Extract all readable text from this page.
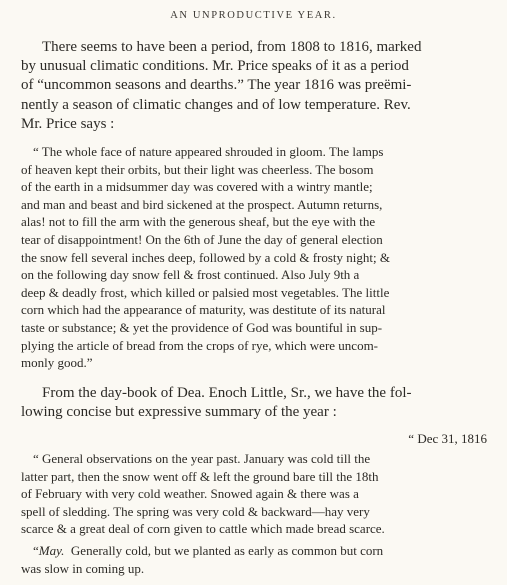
AN UNPRODUCTIVE YEAR.
There seems to have been a period, from 1808 to 1816, marked
by unusual climatic conditions. Mr. Price speaks of it as a period
of “uncommon seasons and dearths.” The year 1816 was preëmi-
nently a season of climatic changes and of low temperature. Rev.
Mr. Price says :
“ The whole face of nature appeared shrouded in gloom. The lamps
of heaven kept their orbits, but their light was cheerless. The bosom
of the earth in a midsummer day was covered with a wintry mantle;
and man and beast and bird sickened at the prospect. Autumn returns,
alas! not to fill the arm with the generous sheaf, but the eye with the
tear of disappointment! On the 6th of June the day of general election
the snow fell several inches deep, followed by a cold & frosty night; &
on the following day snow fell & frost continued. Also July 9th a
deep & deadly frost, which killed or palsied most vegetables. The little
corn which had the appearance of maturity, was destitute of its natural
taste or substance; & yet the providence of God was bountiful in sup-
plying the article of bread from the crops of rye, which were uncom-
monly good.”
From the day-book of Dea. Enoch Little, Sr., we have the fol-
lowing concise but expressive summary of the year :
“ Dec 31, 1816
“ General observations on the year past. January was cold till the
latter part, then the snow went off & left the ground bare till the 18th
of February with very cold weather. Snowed again & there was a
spell of sledding. The spring was very cold & backward—hay very
scarce & a great deal of corn given to cattle which made bread scarce.
“May.  Generally cold, but we planted as early as common but corn
was slow in coming up.
